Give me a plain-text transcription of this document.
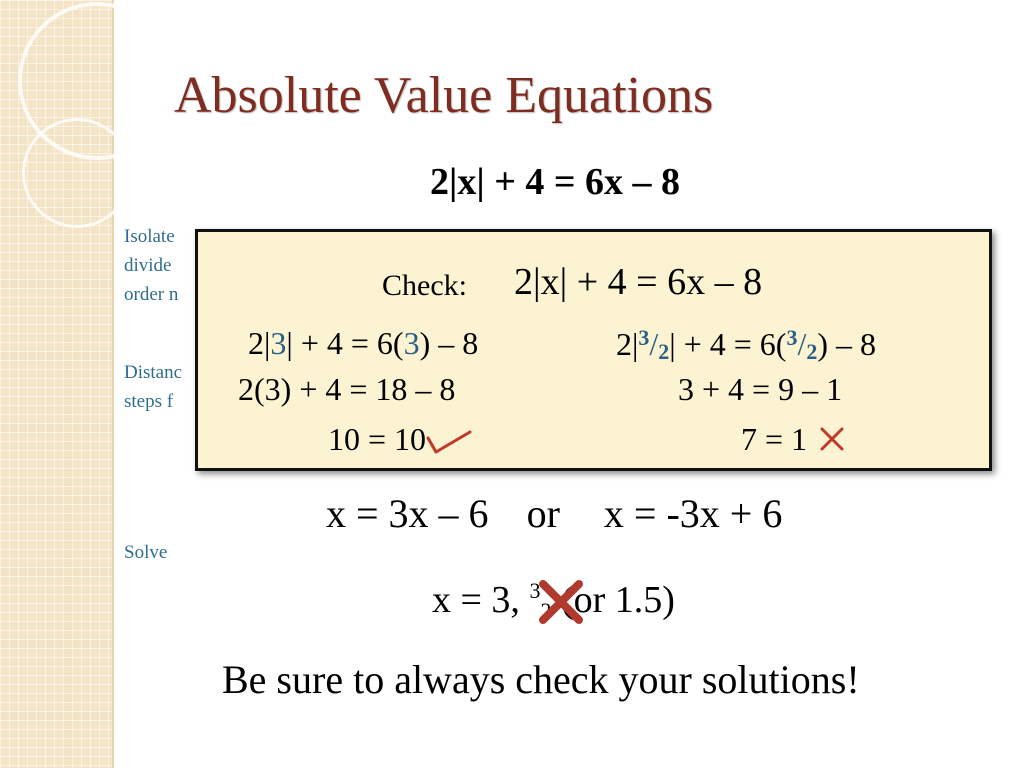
Absolute Value Equations
2|x| + 4 = 6x – 8
Isolate
divide
order n
Distanc
steps f
Solve
Check: 2|x| + 4 = 6x – 8
2|3| + 4 = 6(3) – 8
2(3) + 4 = 18 – 8
10 = 10
$2|^3/2| + 4 = 6(^3/2) - 8$
3 + 4 = 9 – 1
7 = 1
x = 3x – 6 or x = -3x + 6
x = 3, $^3$2 (or 1.5)
Be sure to always check your solutions!
